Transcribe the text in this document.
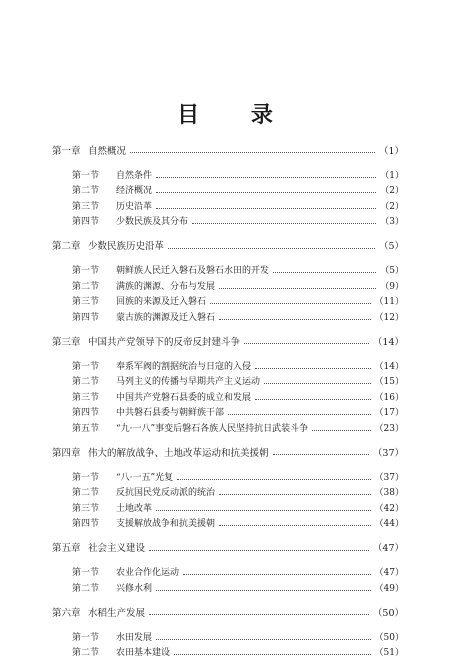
目 录
第一章 自然概况	（1）
第一节	自然条件	（1）
第二节	经济概况	（2）
第三节	历史沿革	（2）
第四节	少数民族及其分布	（3）
第二章 少数民族历史沿革	（5）
第一节	朝鲜族人民迁入磐石及磐石水田的开发	（5）
第二节	满族的渊源、分布与发展	（9）
第三节	回族的来源及迁入磐石	（11）
第四节	蒙古族的渊源及迁入磐石	（12）
第三章 中国共产党领导下的反帝反封建斗争	（14）
第一节	奉系军阀的割据统治与日寇的入侵	（14）
第二节	马列主义的传播与早期共产主义运动	（15）
第三节	中国共产党磐石县委的成立和发展	（16）
第四节	中共磐石县委与朝鲜族干部	（17）
第五节	“九·一八”事变后磐石各族人民坚持抗日武装斗争	（23）
第四章 伟大的解放战争、土地改革运动和抗美援朝	（37）
第一节	“八·一五”光复	（37）
第二节	反抗国民党反动派的统治	（38）
第三节	土地改革	（42）
第四节	支援解放战争和抗美援朝	（44）
第五章 社会主义建设	（47）
第一节	农业合作化运动	（47）
第二节	兴修水利	（49）
第六章 水稻生产发展	（50）
第一节	水田发展	（50）
第二节	农田基本建设	（51）
